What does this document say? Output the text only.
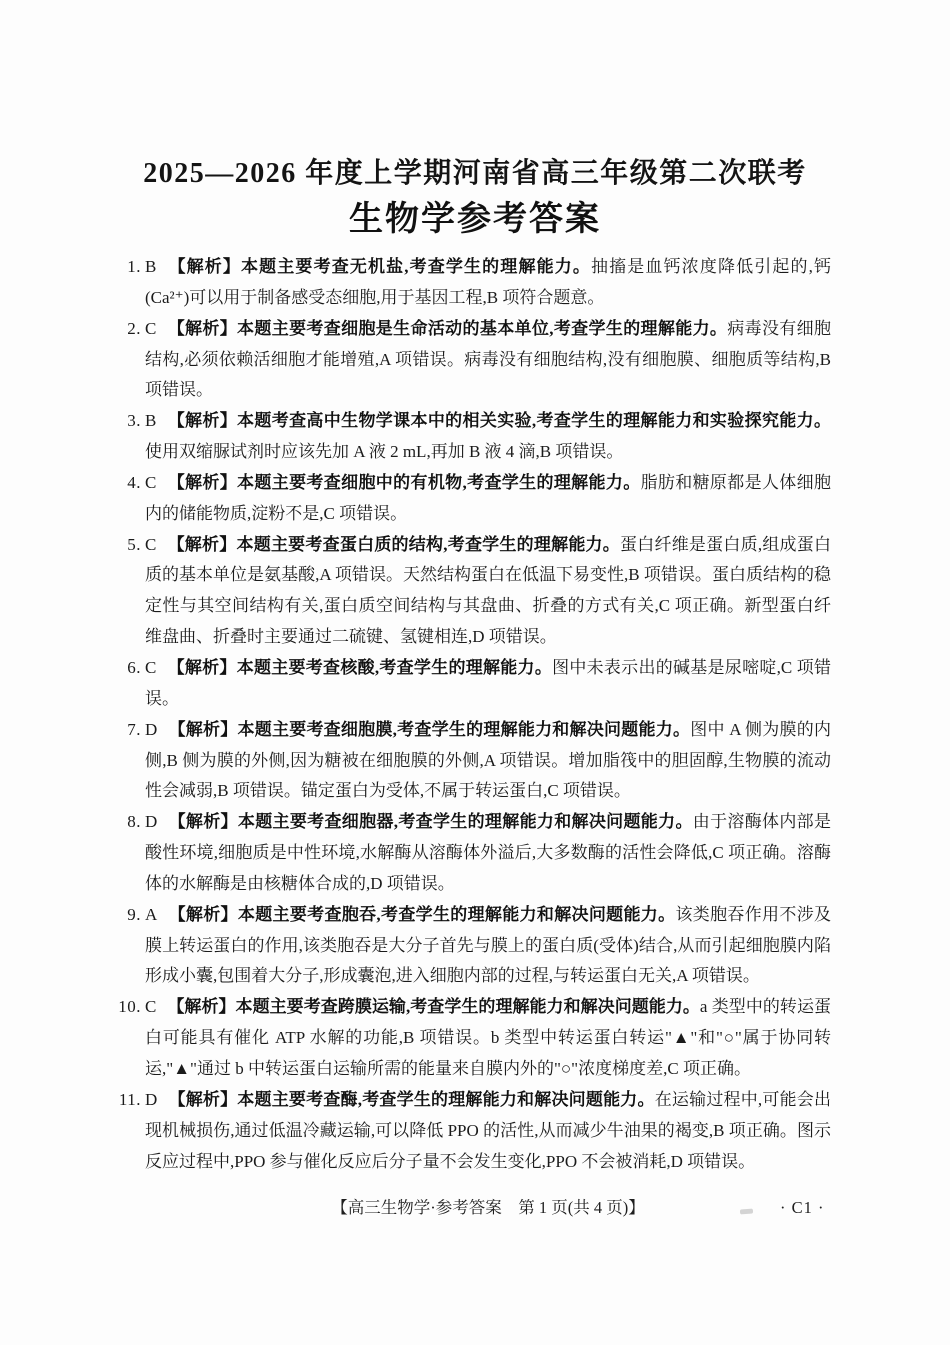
2025—2026 年度上学期河南省高三年级第二次联考
生物学参考答案
1. B 【解析】本题主要考查无机盐,考查学生的理解能力。抽搐是血钙浓度降低引起的,钙(Ca²⁺)可以用于制备感受态细胞,用于基因工程,B 项符合题意。
2. C 【解析】本题主要考查细胞是生命活动的基本单位,考查学生的理解能力。病毒没有细胞结构,必须依赖活细胞才能增殖,A 项错误。病毒没有细胞结构,没有细胞膜、细胞质等结构,B 项错误。
3. B 【解析】本题考查高中生物学课本中的相关实验,考查学生的理解能力和实验探究能力。使用双缩脲试剂时应该先加 A 液 2 mL,再加 B 液 4 滴,B 项错误。
4. C 【解析】本题主要考查细胞中的有机物,考查学生的理解能力。脂肪和糖原都是人体细胞内的储能物质,淀粉不是,C 项错误。
5. C 【解析】本题主要考查蛋白质的结构,考查学生的理解能力。蛋白纤维是蛋白质,组成蛋白质的基本单位是氨基酸,A 项错误。天然结构蛋白在低温下易变性,B 项错误。蛋白质结构的稳定性与其空间结构有关,蛋白质空间结构与其盘曲、折叠的方式有关,C 项正确。新型蛋白纤维盘曲、折叠时主要通过二硫键、氢键相连,D 项错误。
6. C 【解析】本题主要考查核酸,考查学生的理解能力。图中未表示出的碱基是尿嘧啶,C 项错误。
7. D 【解析】本题主要考查细胞膜,考查学生的理解能力和解决问题能力。图中 A 侧为膜的内侧,B 侧为膜的外侧,因为糖被在细胞膜的外侧,A 项错误。增加脂筏中的胆固醇,生物膜的流动性会减弱,B 项错误。锚定蛋白为受体,不属于转运蛋白,C 项错误。
8. D 【解析】本题主要考查细胞器,考查学生的理解能力和解决问题能力。由于溶酶体内部是酸性环境,细胞质是中性环境,水解酶从溶酶体外溢后,大多数酶的活性会降低,C 项正确。溶酶体的水解酶是由核糖体合成的,D 项错误。
9. A 【解析】本题主要考查胞吞,考查学生的理解能力和解决问题能力。该类胞吞作用不涉及膜上转运蛋白的作用,该类胞吞是大分子首先与膜上的蛋白质(受体)结合,从而引起细胞膜内陷形成小囊,包围着大分子,形成囊泡,进入细胞内部的过程,与转运蛋白无关,A 项错误。
10. C 【解析】本题主要考查跨膜运输,考查学生的理解能力和解决问题能力。a 类型中的转运蛋白可能具有催化 ATP 水解的功能,B 项错误。b 类型中转运蛋白转运"▲"和"○"属于协同转运,"▲"通过 b 中转运蛋白运输所需的能量来自膜内外的"○"浓度梯度差,C 项正确。
11. D 【解析】本题主要考查酶,考查学生的理解能力和解决问题能力。在运输过程中,可能会出现机械损伤,通过低温冷藏运输,可以降低 PPO 的活性,从而减少牛油果的褐变,B 项正确。图示反应过程中,PPO 参与催化反应后分子量不会发生变化,PPO 不会被消耗,D 项错误。
【高三生物学·参考答案　第 1 页(共 4 页)】	· C1 ·
